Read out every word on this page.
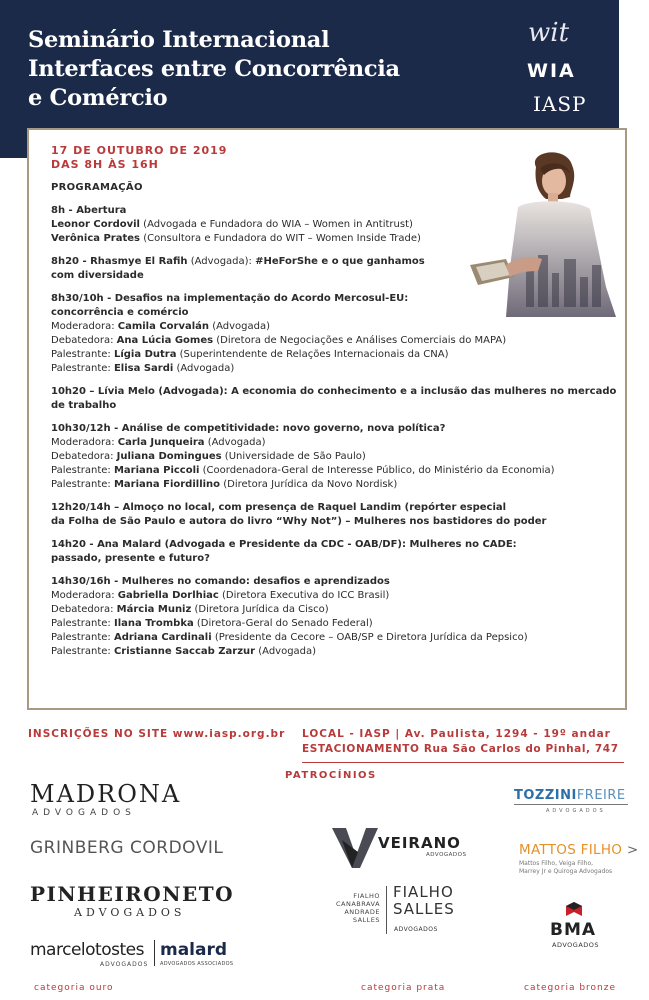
Seminário Internacional
Interfaces entre Concorrência
e Comércio
wit
WIA
IASP
17 DE OUTUBRO DE 2019
DAS 8H ÀS 16H
PROGRAMAÇÃO
8h - Abertura
Leonor Cordovil (Advogada e Fundadora do WIA – Women in Antitrust)
Verônica Prates (Consultora e Fundadora do WIT – Women Inside Trade)
8h20 - Rhasmye El Rafih (Advogada): #HeForShe e o que ganhamos
com diversidade
8h30/10h - Desafios na implementação do Acordo Mercosul-EU:
concorrência e comércio
Moderadora: Camila Corvalán (Advogada)
Debatedora: Ana Lúcia Gomes (Diretora de Negociações e Análises Comerciais do MAPA)
Palestrante: Lígia Dutra (Superintendente de Relações Internacionais da CNA)
Palestrante: Elisa Sardi (Advogada)
10h20 – Lívia Melo (Advogada): A economia do conhecimento e a inclusão das mulheres no mercado
de trabalho
10h30/12h - Análise de competitividade: novo governo, nova política?
Moderadora: Carla Junqueira (Advogada)
Debatedora: Juliana Domingues (Universidade de São Paulo)
Palestrante: Mariana Piccoli (Coordenadora-Geral de Interesse Público, do Ministério da Economia)
Palestrante: Mariana Fiordillino (Diretora Jurídica da Novo Nordisk)
12h20/14h – Almoço no local, com presença de Raquel Landim (repórter especial
da Folha de São Paulo e autora do livro “Why Not”) – Mulheres nos bastidores do poder
14h20 - Ana Malard (Advogada e Presidente da CDC - OAB/DF): Mulheres no CADE:
passado, presente e futuro?
14h30/16h - Mulheres no comando: desafios e aprendizados
Moderadora: Gabriella Dorlhiac (Diretora Executiva do ICC Brasil)
Debatedora: Márcia Muniz (Diretora Jurídica da Cisco)
Palestrante: Ilana Trombka (Diretora-Geral do Senado Federal)
Palestrante: Adriana Cardinali (Presidente da Cecore – OAB/SP e Diretora Jurídica da Pepsico)
Palestrante: Cristianne Saccab Zarzur (Advogada)
INSCRIÇÕES NO SITE www.iasp.org.br LOCAL - IASP | Av. Paulista, 1294 - 19º andar
ESTACIONAMENTO Rua São Carlos do Pinhal, 747
PATROCÍNIOS
MADRONA
ADVOGADOS
GRINBERG CORDOVIL
PINHEIRONETO
ADVOGADOS
marcelotostes
ADVOGADOS
malard
ADVOGADOS ASSOCIADOS
VEIRANO
ADVOGADOS
FIALHO
CANABRAVA
ANDRADE
SALLES
FIALHO
SALLES
ADVOGADOS
TOZZINIFREIRE
ADVOGADOS
MATTOS FILHO >
Mattos Filho, Veiga Filho,
Marrey Jr e Quiroga Advogados
BMA
ADVOGADOS
categoria ouro	categoria prata	categoria bronze
